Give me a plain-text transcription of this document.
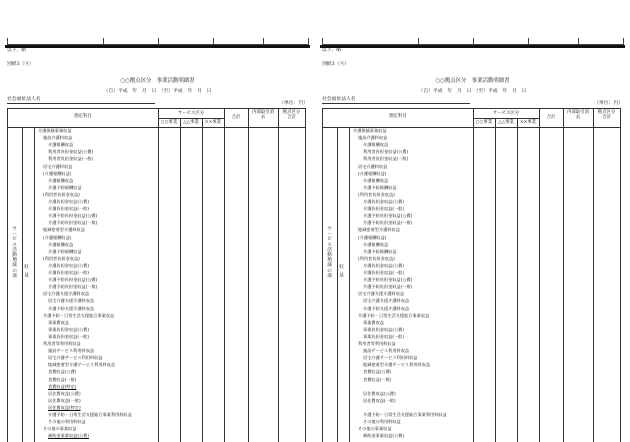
以下、略
別紙3（④）
○○拠点区分　事業活動明細書
（自）平成　年　月　日　（至）平成　年　月　日
社会福祉法人名
（単位：円）
勘定科目
サービス区分
○○事業	△△事業	××事業
合計
内部取引消去
拠点区分合計
サービス活動増減の部
収益
介護保険事業収益
施設介護料収益
介護報酬収益
利用者負担金収益(公費)
利用者負担金収益(一般)
居宅介護料収益
(介護報酬収益)
介護報酬収益
介護予防報酬収益
(利用者負担金収益)
介護負担金収益(公費)
介護負担金収益(一般)
介護予防負担金収益(公費)
介護予防負担金収益(一般)
地域密着型介護料収益
(介護報酬収益)
介護報酬収益
介護予防報酬収益
(利用者負担金収益)
介護負担金収益(公費)
介護負担金収益(一般)
介護予防負担金収益(公費)
介護予防負担金収益(一般)
居宅介護支援介護料収益
居宅介護支援介護料収益
介護予防支援介護料収益
介護予防・日常生活支援総合事業収益
事業費収益
事業負担金収益(公費)
事業負担金収益(一般)
利用者等利用料収益
施設サービス利用料収益
居宅介護サービス利用料収益
地域密着型介護サービス利用料収益
食費収益(公費)
食費収益(一般)
食費収益(特定)
居住費収益(公費)
居住費収益(一般)
居住費収益(特定)
介護予防・日常生活支援総合事業利用料収益
その他の利用料収益
その他の事業収益
補助金事業収益(公費)
以下、略
別紙3（④）
○○拠点区分　事業活動明細書
（自）平成　年　月　日　（至）平成　年　月　日
社会福祉法人名
（単位：円）
勘定科目
サービス区分
○○事業	△△事業	××事業
合計
内部取引消去
拠点区分合計
サービス活動増減の部
収益
介護保険事業収益
施設介護料収益
介護報酬収益
利用者負担金収益(公費)
利用者負担金収益(一般)
居宅介護料収益
(介護報酬収益)
介護報酬収益
介護予防報酬収益
(利用者負担金収益)
介護負担金収益(公費)
介護負担金収益(一般)
介護予防負担金収益(公費)
介護予防負担金収益(一般)
地域密着型介護料収益
(介護報酬収益)
介護報酬収益
介護予防報酬収益
(利用者負担金収益)
介護負担金収益(公費)
介護負担金収益(一般)
介護予防負担金収益(公費)
介護予防負担金収益(一般)
居宅介護支援介護料収益
居宅介護支援介護料収益
介護予防支援介護料収益
介護予防・日常生活支援総合事業収益
事業費収益
事業負担金収益(公費)
事業負担金収益(一般)
利用者等利用料収益
施設サービス利用料収益
居宅介護サービス利用料収益
地域密着型介護サービス利用料収益
食費収益(公費)
食費収益(一般)
居住費収益(公費)
居住費収益(一般)
介護予防・日常生活支援総合事業利用料収益
その他の利用料収益
その他の事業収益
補助金事業収益(公費)
